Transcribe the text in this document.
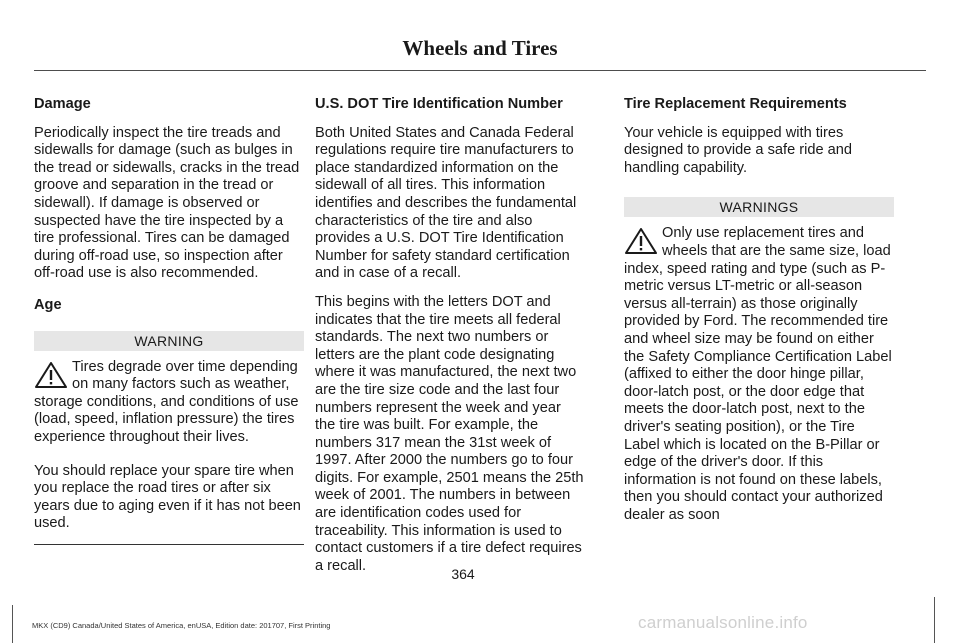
Wheels and Tires
Damage

Periodically inspect the tire treads and sidewalls for damage (such as bulges in the tread or sidewalls, cracks in the tread groove and separation in the tread or sidewall). If damage is observed or suspected have the tire inspected by a tire professional. Tires can be damaged during off-road use, so inspection after off-road use is also recommended.

Age
WARNING
Tires degrade over time depending on many factors such as weather, storage conditions, and conditions of use (load, speed, inflation pressure) the tires experience throughout their lives.

You should replace your spare tire when you replace the road tires or after six years due to aging even if it has not been used.

U.S. DOT Tire Identification Number

Both United States and Canada Federal regulations require tire manufacturers to place standardized information on the sidewall of all tires. This information identifies and describes the fundamental characteristics of the tire and also provides a U.S. DOT Tire Identification Number for safety standard certification and in case of a recall.

This begins with the letters DOT and indicates that the tire meets all federal standards. The next two numbers or letters are the plant code designating where it was manufactured, the next two are the tire size code and the last four numbers represent the week and year the tire was built. For example, the numbers 317 mean the 31st week of 1997. After 2000 the numbers go to four digits. For example, 2501 means the 25th week of 2001. The numbers in between are identification codes used for traceability. This information is used to contact customers if a tire defect requires a recall.

Tire Replacement Requirements

Your vehicle is equipped with tires designed to provide a safe ride and handling capability.

WARNINGS
Only use replacement tires and wheels that are the same size, load index, speed rating and type (such as P-metric versus LT-metric or all-season versus all-terrain) as those originally provided by Ford. The recommended tire and wheel size may be found on either the Safety Compliance Certification Label (affixed to either the door hinge pillar, door-latch post, or the door edge that meets the door-latch post, next to the driver's seating position), or the Tire Label which is located on the B-Pillar or edge of the driver's door. If this information is not found on these labels, then you should contact your authorized dealer as soon
364
MKX (CD9) Canada/United States of America, enUSA, Edition date: 201707, First Printing	carmanualsonline.info
